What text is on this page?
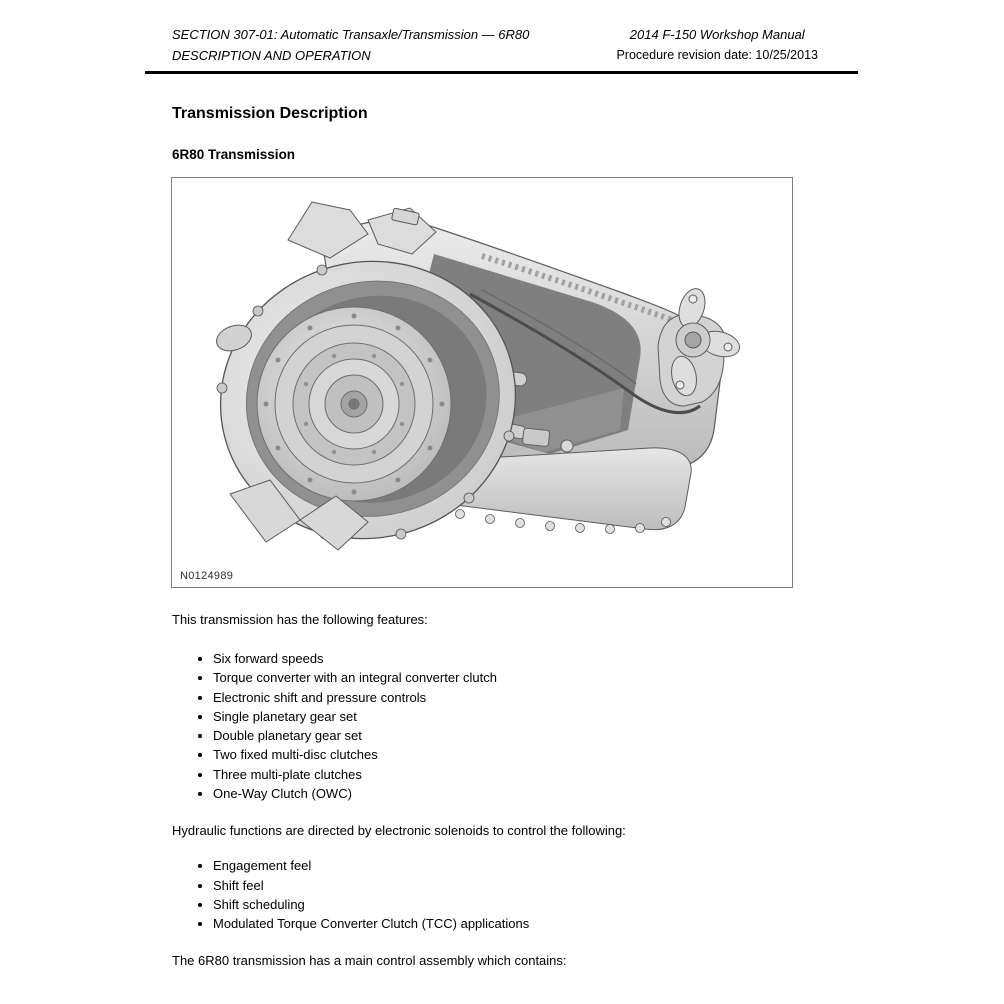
SECTION 307-01: Automatic Transaxle/Transmission — 6R80
DESCRIPTION AND OPERATION
2014 F-150 Workshop Manual
Procedure revision date: 10/25/2013
Transmission Description
6R80 Transmission
N0124989

This transmission has the following features:

• Six forward speeds
• Torque converter with an integral converter clutch
• Electronic shift and pressure controls
• Single planetary gear set
• Double planetary gear set
• Two fixed multi-disc clutches
• Three multi-plate clutches
• One-Way Clutch (OWC)

Hydraulic functions are directed by electronic solenoids to control the following:

• Engagement feel
• Shift feel
• Shift scheduling
• Modulated Torque Converter Clutch (TCC) applications

The 6R80 transmission has a main control assembly which contains:
